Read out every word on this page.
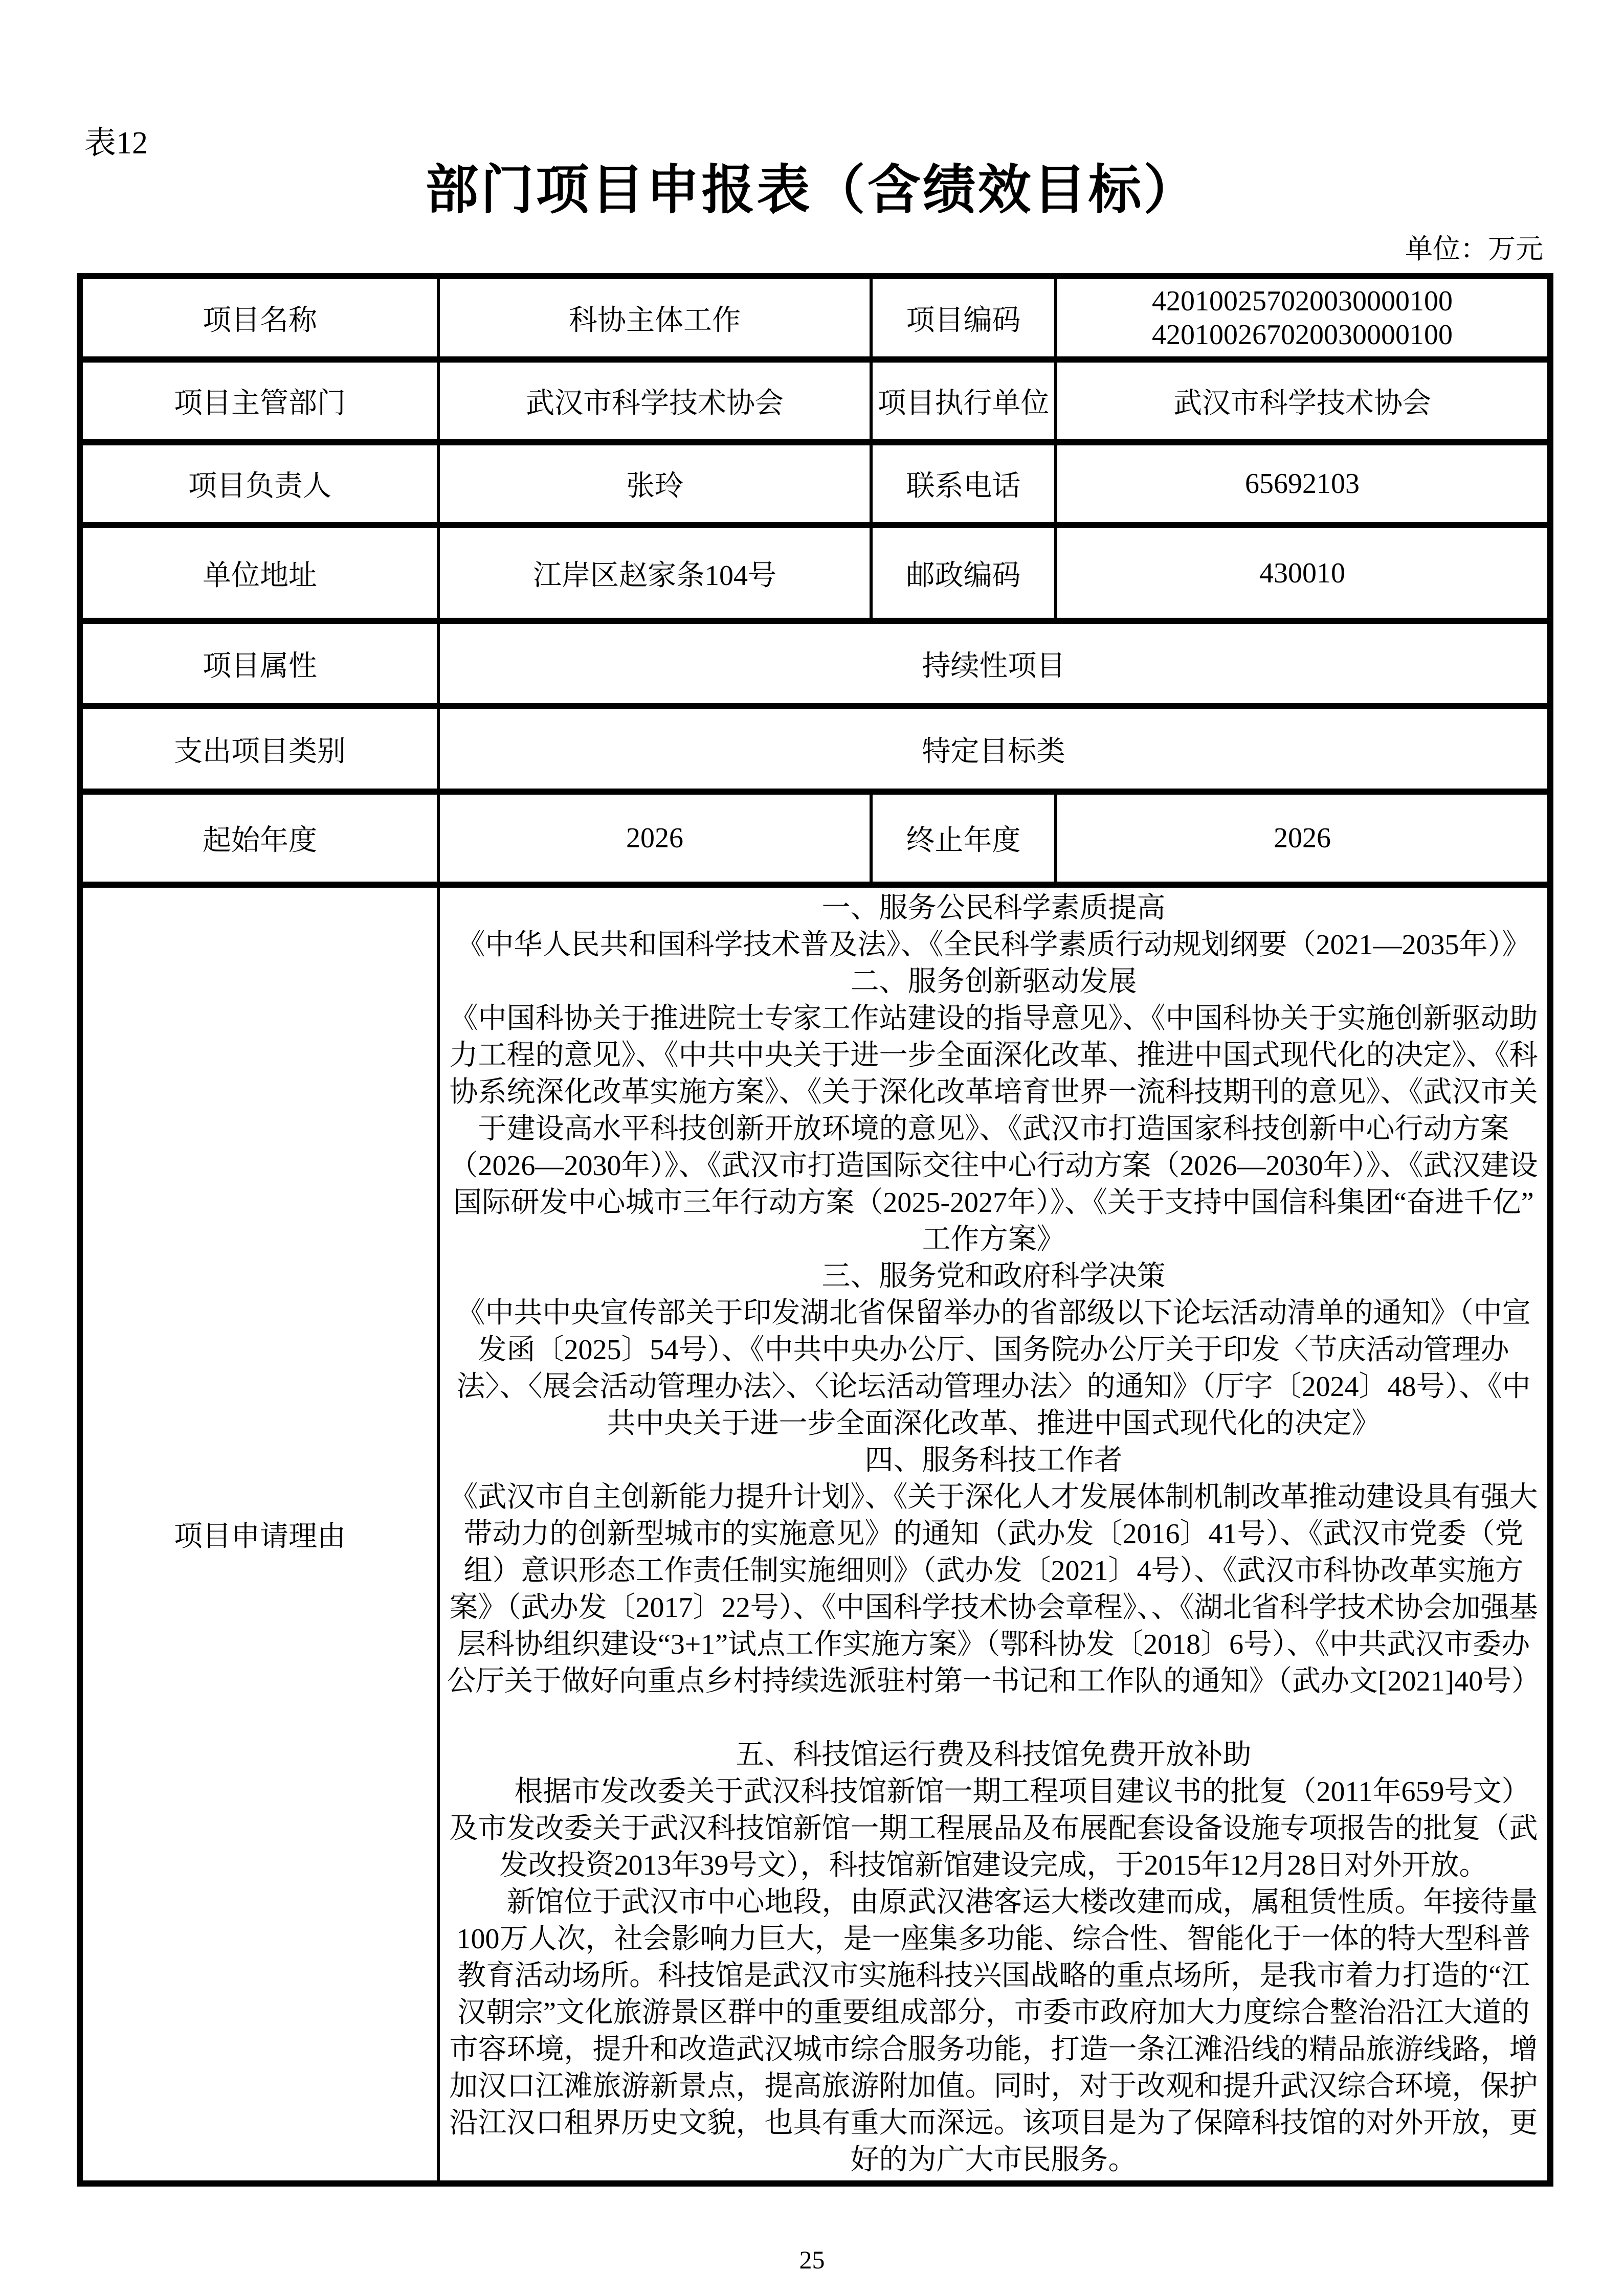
表12
部门项目申报表（含绩效目标）
单位：万元
项目名称	科协主体工作	项目编码	420100257020030000100
420100267020030000100

项目主管部门	武汉市科学技术协会	项目执行单位	武汉市科学技术协会
项目负责人	张玲	联系电话	65692103
单位地址	江岸区赵家条104号	邮政编码	430010
项目属性	持续性项目		
支出项目类别	特定目标类		
起始年度	2026	终止年度	2026
项目申请理由	

一、服务公民科学素质提高

《中华人民共和国科学技术普及法》、《全民科学素质行动规划纲要（2021—2035年）》

二、服务创新驱动发展

《中国科协关于推进院士专家工作站建设的指导意见》、《中国科协关于实施创新驱动助力工程的意见》、《中共中央关于进一步全面深化改革、推进中国式现代化的决定》、《科协系统深化改革实施方案》、《关于深化改革培育世界一流科技期刊的意见》、《武汉市关于建设高水平科技创新开放环境的意见》、《武汉市打造国家科技创新中心行动方案（2026—2030年）》、《武汉市打造国际交往中心行动方案（2026—2030年）》、《武汉建设国际研发中心城市三年行动方案（2025-2027年）》、《关于支持中国信科集团“奋进千亿”工作方案》

三、服务党和政府科学决策

《中共中央宣传部关于印发湖北省保留举办的省部级以下论坛活动清单的通知》（中宣发函〔2025〕54号）、《中共中央办公厅、国务院办公厅关于印发〈节庆活动管理办法〉、〈展会活动管理办法〉、〈论坛活动管理办法〉的通知》（厅字〔2024〕48号）、《中共中央关于进一步全面深化改革、推进中国式现代化的决定》

四、服务科技工作者

《武汉市自主创新能力提升计划》、《关于深化人才发展体制机制改革推动建设具有强大带动力的创新型城市的实施意见》的通知（武办发〔2016〕41号）、《武汉市党委（党组）意识形态工作责任制实施细则》（武办发〔2021〕4号）、《武汉市科协改革实施方案》（武办发〔2017〕22号）、《中国科学技术协会章程》、、《湖北省科学技术协会加强基层科协组织建设“3+1”试点工作实施方案》（鄂科协发〔2018〕6号）、《中共武汉市委办公厅关于做好向重点乡村持续选派驻村第一书记和工作队的通知》（武办文[2021]40号）

五、科技馆运行费及科技馆免费开放补助

根据市发改委关于武汉科技馆新馆一期工程项目建议书的批复（2011年659号文）及市发改委关于武汉科技馆新馆一期工程展品及布展配套设备设施专项报告的批复（武发改投资2013年39号文），科技馆新馆建设完成，于2015年12月28日对外开放。

新馆位于武汉市中心地段，由原武汉港客运大楼改建而成，属租赁性质。年接待量100万人次，社会影响力巨大，是一座集多功能、综合性、智能化于一体的特大型科普教育活动场所。科技馆是武汉市实施科技兴国战略的重点场所，是我市着力打造的“江汉朝宗”文化旅游景区群中的重要组成部分，市委市政府加大力度综合整治沿江大道的市容环境，提升和改造武汉城市综合服务功能，打造一条江滩沿线的精品旅游线路，增加汉口江滩旅游新景点，提高旅游附加值。同时，对于改观和提升武汉综合环境，保护沿江汉口租界历史文貌，也具有重大而深远。该项目是为了保障科技馆的对外开放，更好的为广大市民服务。

25
